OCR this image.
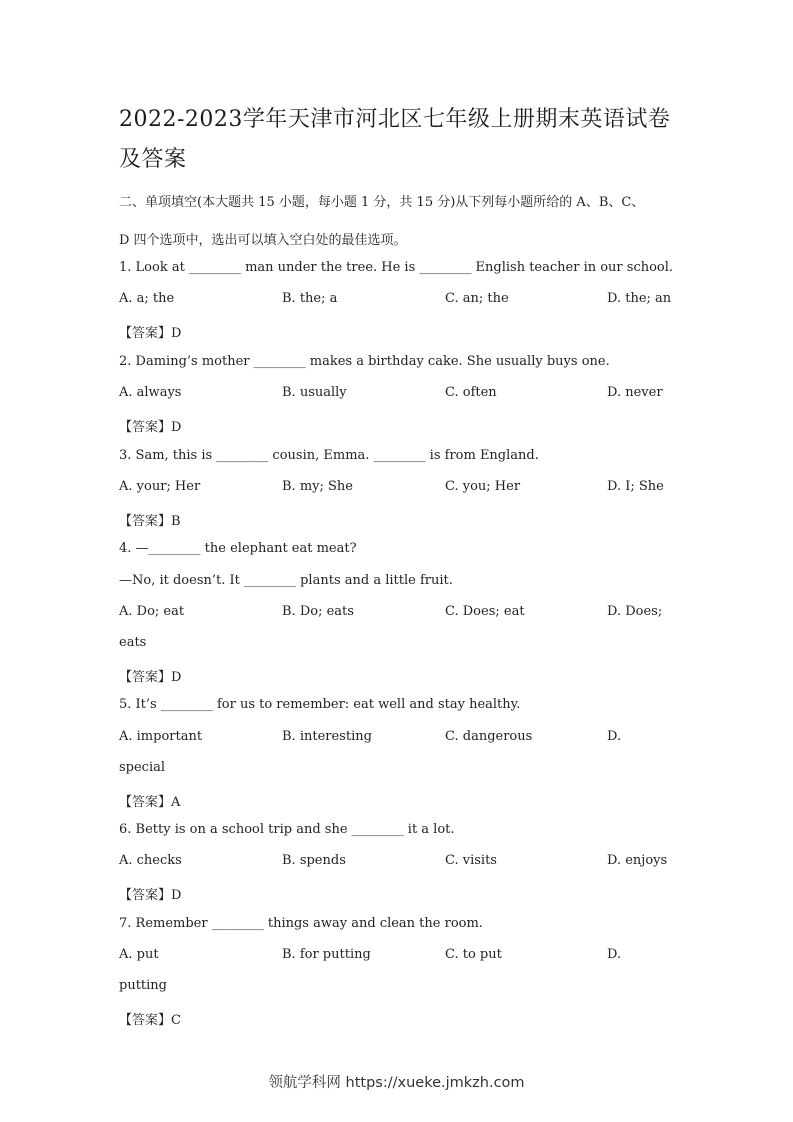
2022-2023学年天津市河北区七年级上册期末英语试卷及答案
二、单项填空(本大题共 15 小题，每小题 1 分，共 15 分)从下列每小题所给的 A、B、C、
D 四个选项中，选出可以填入空白处的最佳选项。
1. Look at ________ man under the tree. He is ________ English teacher in our school.
A. a; the	B. the; a	C. an; the	D. the; an
【答案】D
2. Daming’s mother ________ makes a birthday cake. She usually buys one.
A. always	B. usually	C. often	D. never
【答案】D
3. Sam, this is ________ cousin, Emma. ________ is from England.
A. your; Her	B. my; She	C. you; Her	D. I; She
【答案】B
4. —________ the elephant eat meat?
—No, it doesn’t. It ________ plants and a little fruit.
A. Do; eat	B. Do; eats	C. Does; eat	D. Does;
eats
【答案】D
5. It’s ________ for us to remember: eat well and stay healthy.
A. important	B. interesting	C. dangerous	D.
special
【答案】A
6. Betty is on a school trip and she ________ it a lot.
A. checks	B. spends	C. visits	D. enjoys
【答案】D
7. Remember ________ things away and clean the room.
A. put	B. for putting	C. to put	D.
putting
【答案】C
领航学科网 https://xueke.jmkzh.com
